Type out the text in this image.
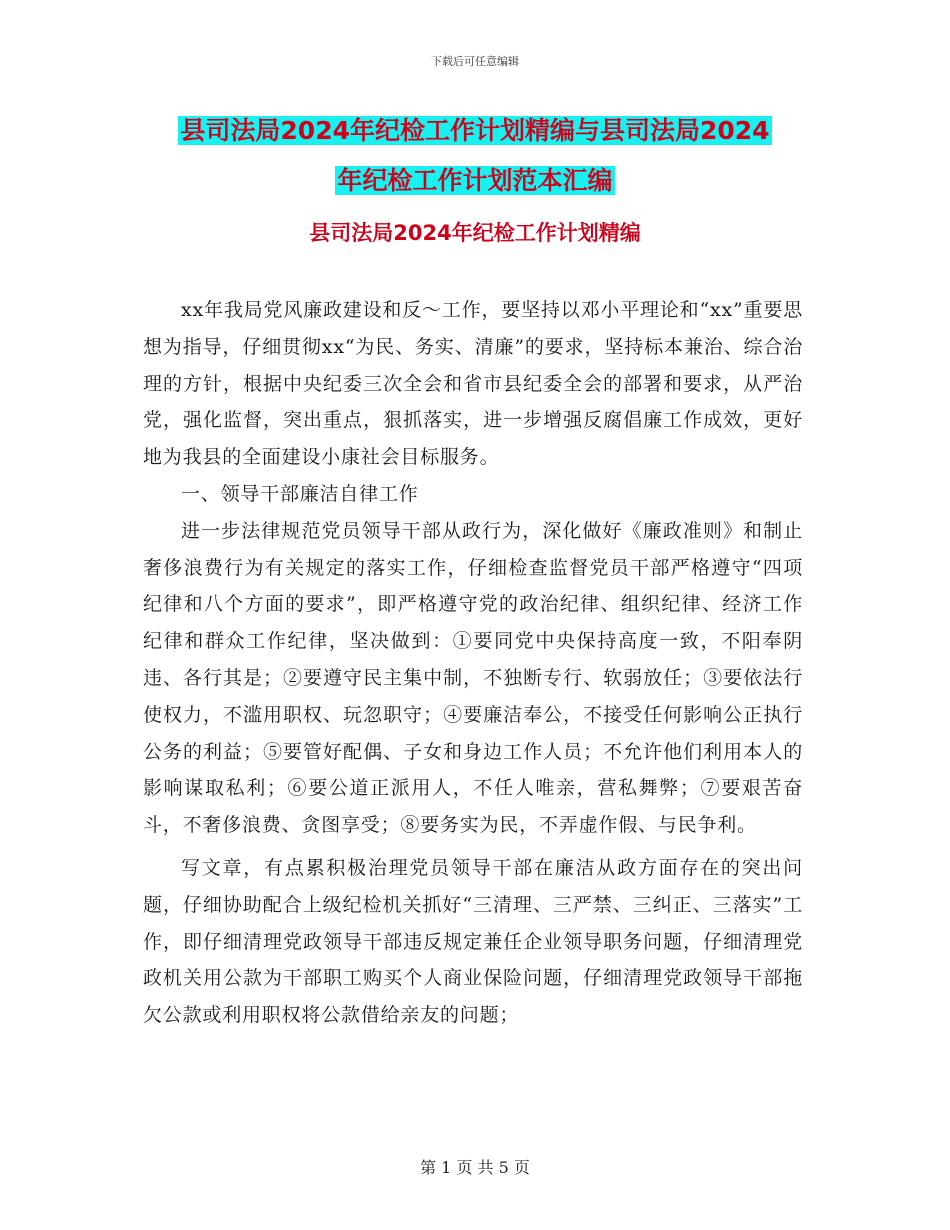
下载后可任意编辑
县司法局2024年纪检工作计划精编与县司法局2024
年纪检工作计划范本汇编
县司法局2024年纪检工作计划精编

xx年我局党风廉政建设和反～工作，要坚持以邓小平理论和“xx”重要思想为指导，仔细贯彻xx“为民、务实、清廉”的要求，坚持标本兼治、综合治理的方针，根据中央纪委三次全会和省市县纪委全会的部署和要求，从严治党，强化监督，突出重点，狠抓落实，进一步增强反腐倡廉工作成效，更好地为我县的全面建设小康社会目标服务。

一、领导干部廉洁自律工作

进一步法律规范党员领导干部从政行为，深化做好《廉政准则》和制止奢侈浪费行为有关规定的落实工作，仔细检查监督党员干部严格遵守“四项纪律和八个方面的要求”，即严格遵守党的政治纪律、组织纪律、经济工作纪律和群众工作纪律，坚决做到：①要同党中央保持高度一致，不阳奉阴违、各行其是；②要遵守民主集中制，不独断专行、软弱放任；③要依法行使权力，不滥用职权、玩忽职守；④要廉洁奉公，不接受任何影响公正执行公务的利益；⑤要管好配偶、子女和身边工作人员；不允许他们利用本人的影响谋取私利；⑥要公道正派用人，不任人唯亲，营私舞弊；⑦要艰苦奋斗，不奢侈浪费、贪图享受；⑧要务实为民，不弄虚作假、与民争利。

写文章，有点累积极治理党员领导干部在廉洁从政方面存在的突出问题，仔细协助配合上级纪检机关抓好“三清理、三严禁、三纠正、三落实”工作，即仔细清理党政领导干部违反规定兼任企业领导职务问题，仔细清理党政机关用公款为干部职工购买个人商业保险问题，仔细清理党政领导干部拖欠公款或利用职权将公款借给亲友的问题；

第 1 页 共 5 页
